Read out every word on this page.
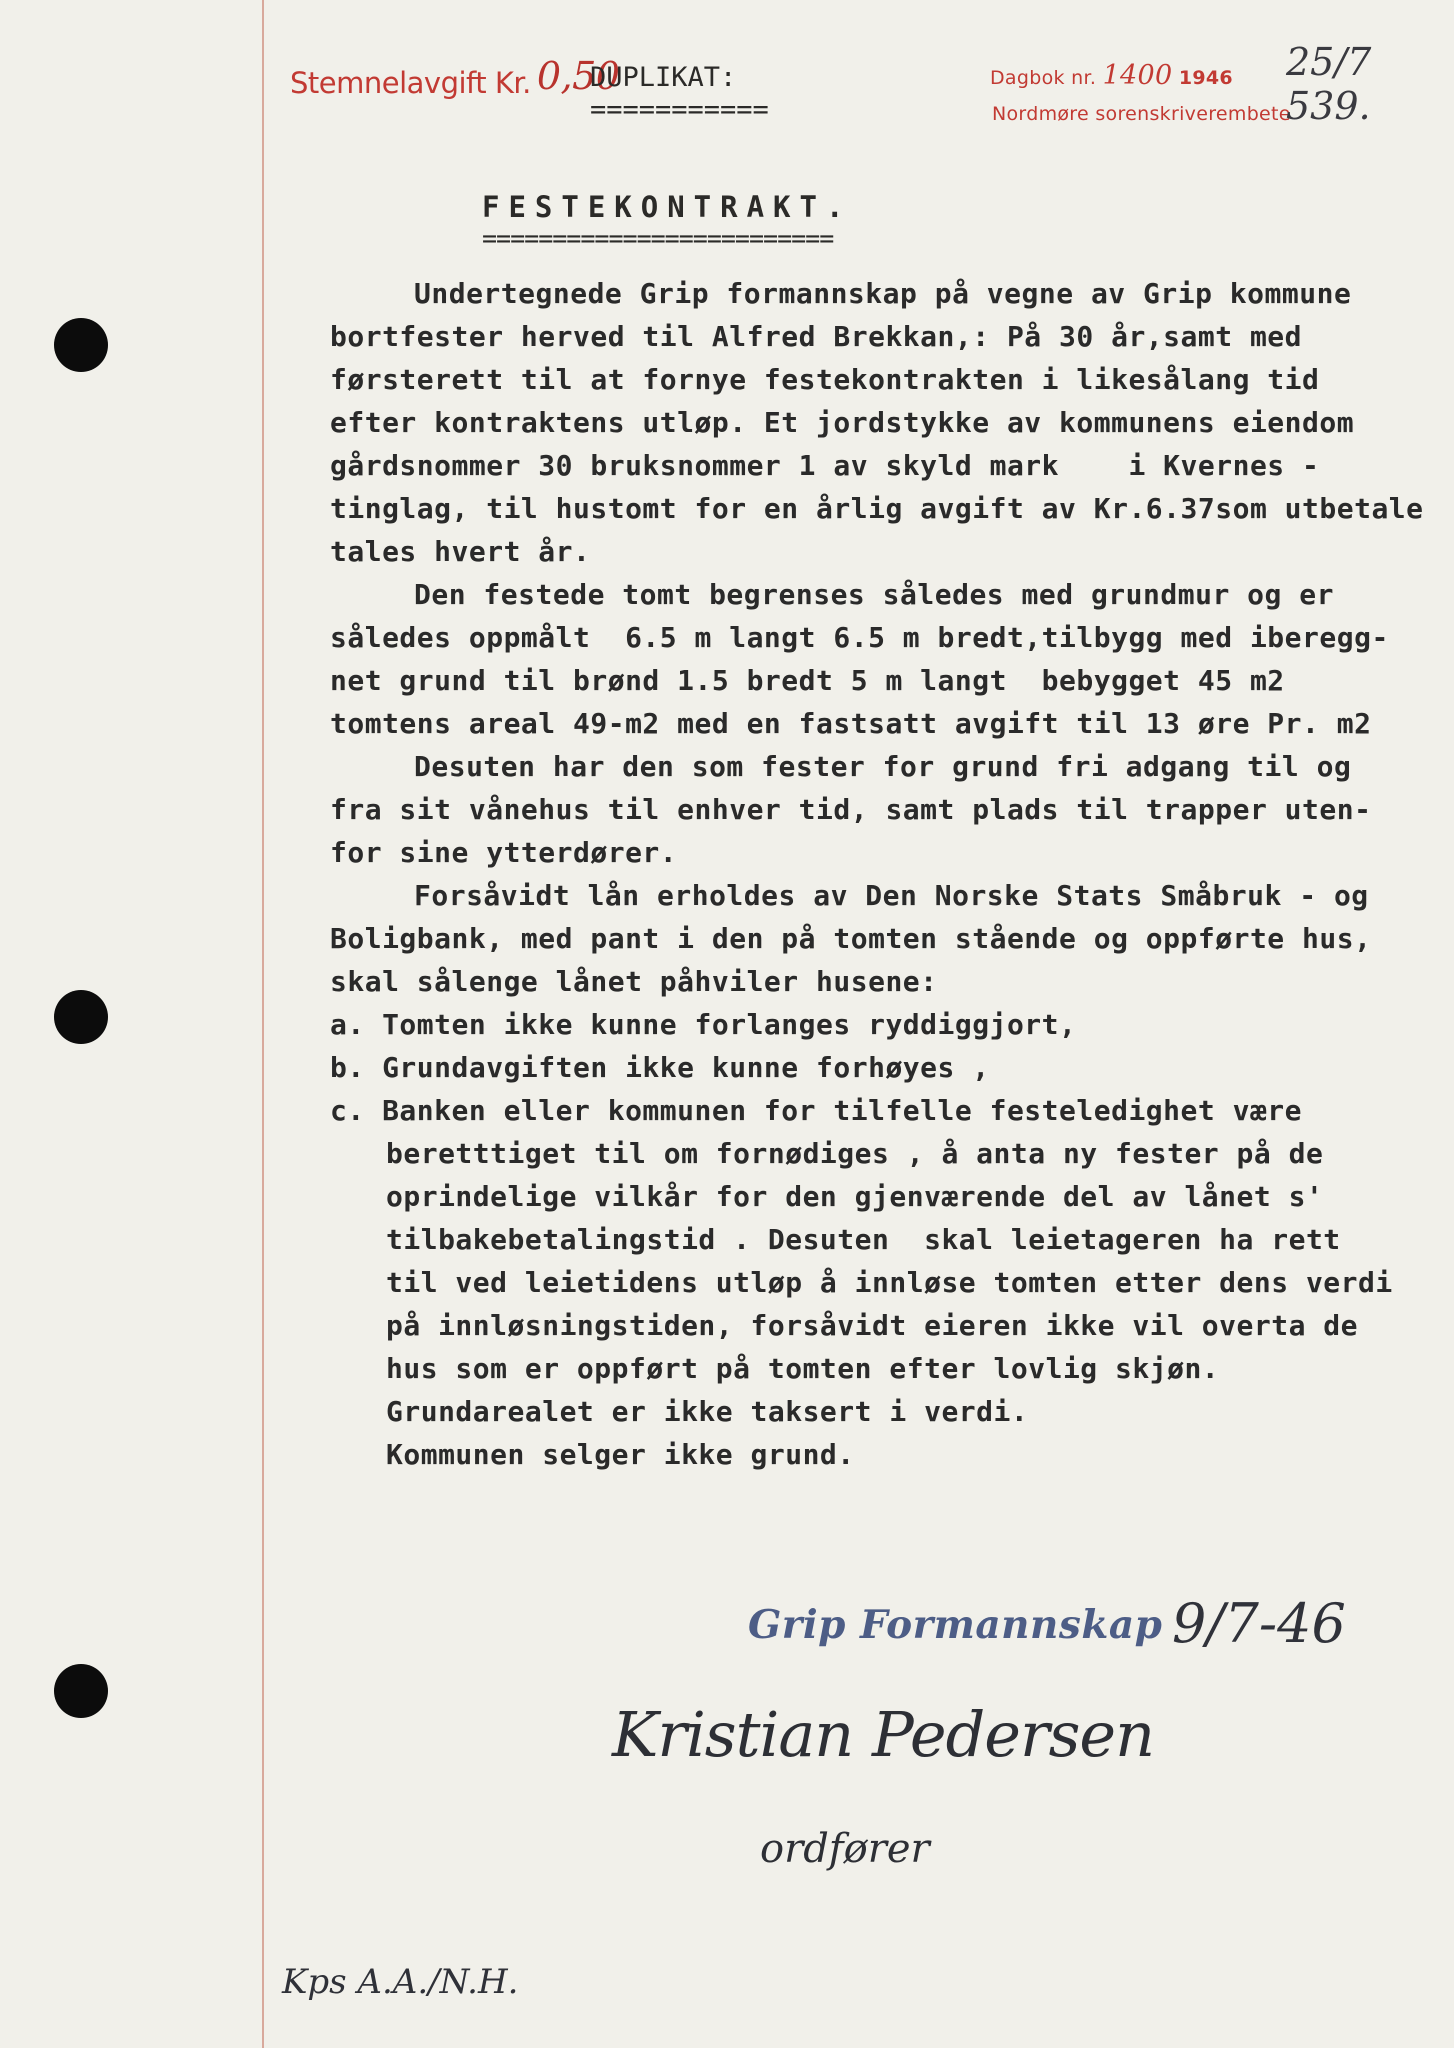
Stemnelavgift Kr. 0,50
DUPLIKAT:
===========
Dagbok nr. 1400 1946
Nordmøre sorenskriverembete
25/7 539.
FESTEKONTRAKT.
=========================
Undertegnede Grip formannskap på vegne av Grip kommune
bortfester herved til Alfred Brekkan,: På 30 år,samt med
førsterett til at fornye festekontrakten i likesålang tid
efter kontraktens utløp. Et jordstykke av kommunens eiendom
gårdsnommer 30 bruksnommer 1 av skyld mark    i Kvernes -
tinglag, til hustomt for en årlig avgift av Kr.6.37som utbetale
tales hvert år.
Den festede tomt begrenses således med grundmur og er
således oppmålt  6.5 m langt 6.5 m bredt,tilbygg med iberegg-
net grund til brønd 1.5 bredt 5 m langt  bebygget 45 m2
tomtens areal 49-m2 med en fastsatt avgift til 13 øre Pr. m2
Desuten har den som fester for grund fri adgang til og
fra sit vånehus til enhver tid, samt plads til trapper uten-
for sine ytterdører.
Forsåvidt lån erholdes av Den Norske Stats Småbruk - og
Boligbank, med pant i den på tomten stående og oppførte hus,
skal sålenge lånet påhviler husene:
a. Tomten ikke kunne forlanges ryddiggjort,
b. Grundavgiften ikke kunne forhøyes ,
c. Banken eller kommunen for tilfelle festeledighet være
beretttiget til om fornødiges , å anta ny fester på de
oprindelige vilkår for den gjenværende del av lånet s'
tilbakebetalingstid . Desuten  skal leietageren ha rett
til ved leietidens utløp å innløse tomten etter dens verdi
på innløsningstiden, forsåvidt eieren ikke vil overta de
hus som er oppført på tomten efter lovlig skjøn.
Grundarealet er ikke taksert i verdi.
Kommunen selger ikke grund.
Grip Formannskap 9/7-46
Kristian Pedersen
ordfører
Kps A.A./N.H.
